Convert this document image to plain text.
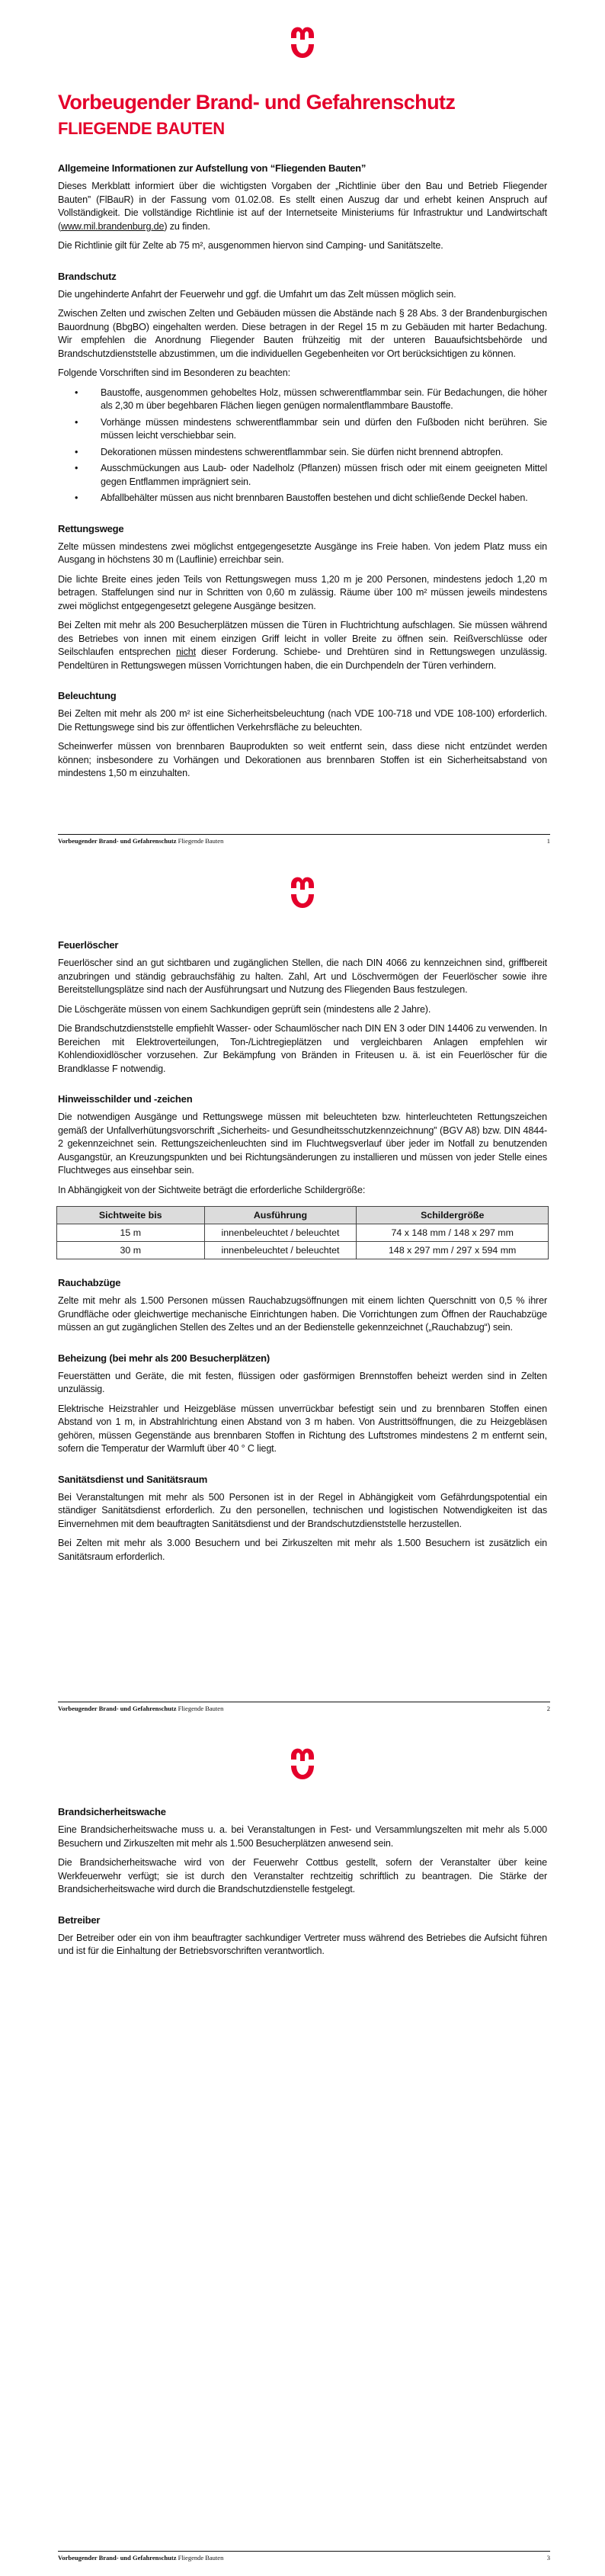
Vorbeugender Brand- und Gefahrenschutz
FLIEGENDE BAUTEN
Allgemeine Informationen zur Aufstellung von “Fliegenden Bauten”

Dieses Merkblatt informiert über die wichtigsten Vorgaben der „Richtlinie über den Bau und Betrieb Fliegender Bauten” (FlBauR) in der Fassung vom 01.02.08. Es stellt einen Auszug dar und erhebt keinen Anspruch auf Vollständigkeit. Die vollständige Richtlinie ist auf der Internetseite Ministeriums für Infrastruktur und Landwirtschaft (www.mil.brandenburg.de) zu finden.

Die Richtlinie gilt für Zelte ab 75 m², ausgenommen hiervon sind Camping- und Sanitätszelte.

Brandschutz

Die ungehinderte Anfahrt der Feuerwehr und ggf. die Umfahrt um das Zelt müssen möglich sein.

Zwischen Zelten und zwischen Zelten und Gebäuden müssen die Abstände nach § 28 Abs. 3 der Brandenburgischen Bauordnung (BbgBO) eingehalten werden. Diese betragen in der Regel 15 m zu Gebäuden mit harter Bedachung. Wir empfehlen die Anordnung Fliegender Bauten frühzeitig mit der unteren Bauaufsichtsbehörde und Brandschutzdienststelle abzustimmen, um die individuellen Gegebenheiten vor Ort berücksichtigen zu können.

Folgende Vorschriften sind im Besonderen zu beachten:

• Baustoffe, ausgenommen gehobeltes Holz, müssen schwerentflammbar sein. Für Bedachungen, die höher als 2,30 m über begehbaren Flächen liegen genügen normalentflammbare Baustoffe.
• Vorhänge müssen mindestens schwerentflammbar sein und dürfen den Fußboden nicht berühren. Sie müssen leicht verschiebbar sein.
• Dekorationen müssen mindestens schwerentflammbar sein. Sie dürfen nicht brennend abtropfen.
• Ausschmückungen aus Laub- oder Nadelholz (Pflanzen) müssen frisch oder mit einem geeigneten Mittel gegen Entflammen imprägniert sein.
• Abfallbehälter müssen aus nicht brennbaren Baustoffen bestehen und dicht schließende Deckel haben.
Rettungswege

Zelte müssen mindestens zwei möglichst entgegengesetzte Ausgänge ins Freie haben. Von jedem Platz muss ein Ausgang in höchstens 30 m (Lauflinie) erreichbar sein.

Die lichte Breite eines jeden Teils von Rettungswegen muss 1,20 m je 200 Personen, mindestens jedoch 1,20 m betragen. Staffelungen sind nur in Schritten von 0,60 m zulässig. Räume über 100 m² müssen jeweils mindestens zwei möglichst entgegengesetzt gelegene Ausgänge besitzen.

Bei Zelten mit mehr als 200 Besucherplätzen müssen die Türen in Fluchtrichtung aufschlagen. Sie müssen während des Betriebes von innen mit einem einzigen Griff leicht in voller Breite zu öffnen sein. Reißverschlüsse oder Seilschlaufen entsprechen nicht dieser Forderung. Schiebe- und Drehtüren sind in Rettungswegen unzulässig. Pendeltüren in Rettungswegen müssen Vorrichtungen haben, die ein Durchpendeln der Türen verhindern.

Beleuchtung

Bei Zelten mit mehr als 200 m² ist eine Sicherheitsbeleuchtung (nach VDE 100-718 und VDE 108-100) erforderlich. Die Rettungswege sind bis zur öffentlichen Verkehrsfläche zu beleuchten.

Scheinwerfer müssen von brennbaren Bauprodukten so weit entfernt sein, dass diese nicht entzündet werden können; insbesondere zu Vorhängen und Dekorationen aus brennbaren Stoffen ist ein Sicherheitsabstand von mindestens 1,50 m einzuhalten.

Vorbeugender Brand- und Gefahrenschutz Fliegende Bauten	1
Feuerlöscher

Feuerlöscher sind an gut sichtbaren und zugänglichen Stellen, die nach DIN 4066 zu kennzeichnen sind, griffbereit anzubringen und ständig gebrauchsfähig zu halten. Zahl, Art und Löschvermögen der Feuerlöscher sowie ihre Bereitstellungsplätze sind nach der Ausführungsart und Nutzung des Fliegenden Baus festzulegen.

Die Löschgeräte müssen von einem Sachkundigen geprüft sein (mindestens alle 2 Jahre).

Die Brandschutzdienststelle empfiehlt Wasser- oder Schaumlöscher nach DIN EN 3 oder DIN 14406 zu verwenden. In Bereichen mit Elektroverteilungen, Ton-/Lichtregieplätzen und vergleichbaren Anlagen empfehlen wir Kohlendioxidlöscher vorzusehen. Zur Bekämpfung von Bränden in Friteusen u. ä. ist ein Feuerlöscher für die Brandklasse F notwendig.

Hinweisschilder und -zeichen

Die notwendigen Ausgänge und Rettungswege müssen mit beleuchteten bzw. hinterleuchteten Rettungszeichen gemäß der Unfallverhütungsvorschrift „Sicherheits- und Gesundheitsschutzkennzeichnung” (BGV A8) bzw. DIN 4844-2 gekennzeichnet sein. Rettungszeichenleuchten sind im Fluchtwegsverlauf über jeder im Notfall zu benutzenden Ausgangstür, an Kreuzungspunkten und bei Richtungsänderungen zu installieren und müssen von jeder Stelle eines Fluchtweges aus einsehbar sein.

In Abhängigkeit von der Sichtweite beträgt die erforderliche Schildergröße:

Sichtweite bis	Ausführung	Schildergröße
15 m	innenbeleuchtet / beleuchtet	74 x 148 mm / 148 x 297 mm
30 m	innenbeleuchtet / beleuchtet	148 x 297 mm / 297 x 594 mm
Rauchabzüge

Zelte mit mehr als 1.500 Personen müssen Rauchabzugsöffnungen mit einem lichten Querschnitt von 0,5 % ihrer Grundfläche oder gleichwertige mechanische Einrichtungen haben. Die Vorrichtungen zum Öffnen der Rauchabzüge müssen an gut zugänglichen Stellen des Zeltes und an der Bedienstelle gekennzeichnet („Rauchabzug“) sein.

Beheizung (bei mehr als 200 Besucherplätzen)

Feuerstätten und Geräte, die mit festen, flüssigen oder gasförmigen Brennstoffen beheizt werden sind in Zelten unzulässig.

Elektrische Heizstrahler und Heizgebläse müssen unverrückbar befestigt sein und zu brennbaren Stoffen einen Abstand von 1 m, in Abstrahlrichtung einen Abstand von 3 m haben. Von Austrittsöffnungen, die zu Heizgebläsen gehören, müssen Gegenstände aus brennbaren Stoffen in Richtung des Luftstromes mindestens 2 m entfernt sein, sofern die Temperatur der Warmluft über 40 ° C liegt.

Sanitätsdienst und Sanitätsraum

Bei Veranstaltungen mit mehr als 500 Personen ist in der Regel in Abhängigkeit vom Gefährdungspotential ein ständiger Sanitätsdienst erforderlich. Zu den personellen, technischen und logistischen Notwendigkeiten ist das Einvernehmen mit dem beauftragten Sanitätsdienst und der Brandschutzdienststelle herzustellen.

Bei Zelten mit mehr als 3.000 Besuchern und bei Zirkuszelten mit mehr als 1.500 Besuchern ist zusätzlich ein Sanitätsraum erforderlich.

Vorbeugender Brand- und Gefahrenschutz Fliegende Bauten	2
Brandsicherheitswache

Eine Brandsicherheitswache muss u. a. bei Veranstaltungen in Fest- und Versammlungszelten mit mehr als 5.000 Besuchern und Zirkuszelten mit mehr als 1.500 Besucherplätzen anwesend sein.

Die Brandsicherheitswache wird von der Feuerwehr Cottbus gestellt, sofern der Veranstalter über keine Werkfeuerwehr verfügt; sie ist durch den Veranstalter rechtzeitig schriftlich zu beantragen. Die Stärke der Brandsicherheitswache wird durch die Brandschutzdienstelle festgelegt.

Betreiber

Der Betreiber oder ein von ihm beauftragter sachkundiger Vertreter muss während des Betriebes die Aufsicht führen und ist für die Einhaltung der Betriebsvorschriften verantwortlich.

Vorbeugender Brand- und Gefahrenschutz Fliegende Bauten	3
